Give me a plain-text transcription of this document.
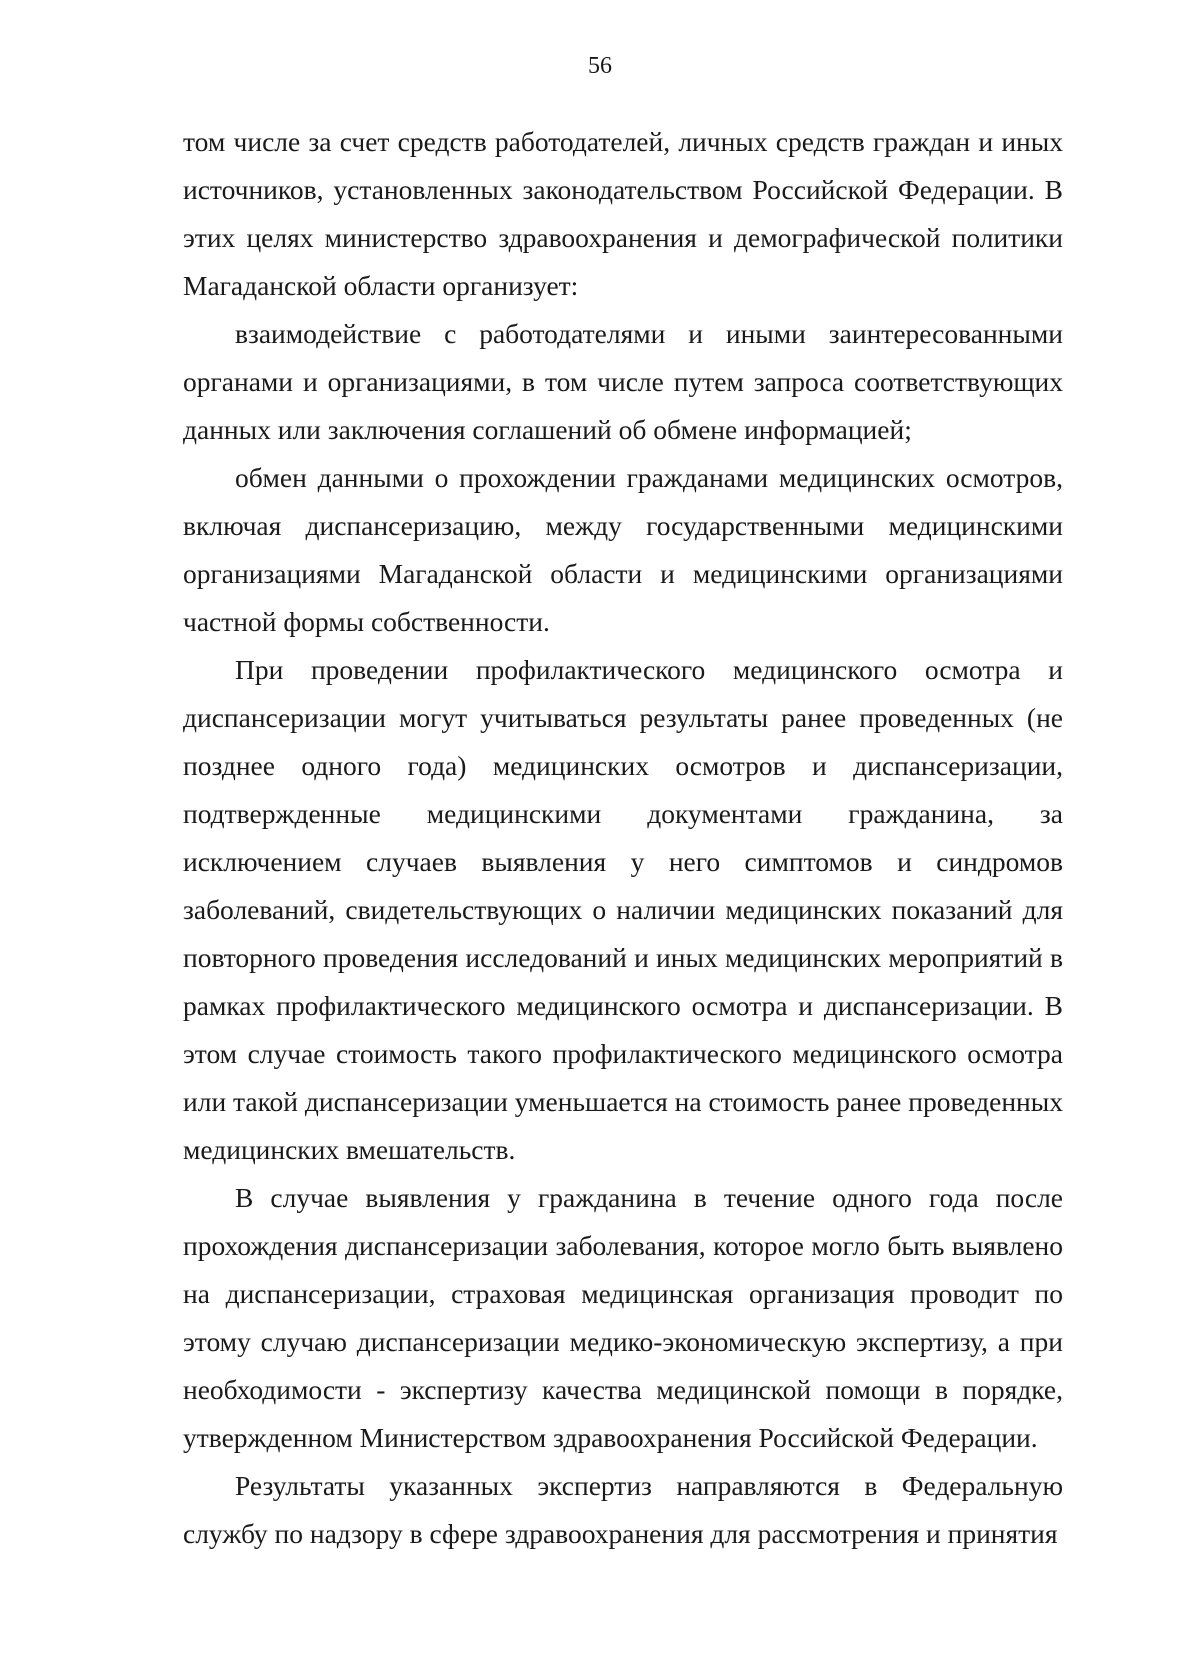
56

том числе за счет средств работодателей, личных средств граждан и иных источников, установленных законодательством Российской Федерации. В этих целях министерство здравоохранения и демографической политики Магаданской области организует:

взаимодействие с работодателями и иными заинтересованными органами и организациями, в том числе путем запроса соответствующих данных или заключения соглашений об обмене информацией;

обмен данными о прохождении гражданами медицинских осмотров, включая диспансеризацию, между государственными медицинскими организациями Магаданской области и медицинскими организациями частной формы собственности.

При проведении профилактического медицинского осмотра и диспансеризации могут учитываться результаты ранее проведенных (не позднее одного года) медицинских осмотров и диспансеризации, подтвержденные медицинскими документами гражданина, за исключением случаев выявления у него симптомов и синдромов заболеваний, свидетельствующих о наличии медицинских показаний для повторного проведения исследований и иных медицинских мероприятий в рамках профилактического медицинского осмотра и диспансеризации. В этом случае стоимость такого профилактического медицинского осмотра или такой диспансеризации уменьшается на стоимость ранее проведенных медицинских вмешательств.

В случае выявления у гражданина в течение одного года после прохождения диспансеризации заболевания, которое могло быть выявлено на диспансеризации, страховая медицинская организация проводит по этому случаю диспансеризации медико-экономическую экспертизу, а при необходимости - экспертизу качества медицинской помощи в порядке, утвержденном Министерством здравоохранения Российской Федерации.

Результаты указанных экспертиз направляются в Федеральную службу по надзору в сфере здравоохранения для рассмотрения и принятия
